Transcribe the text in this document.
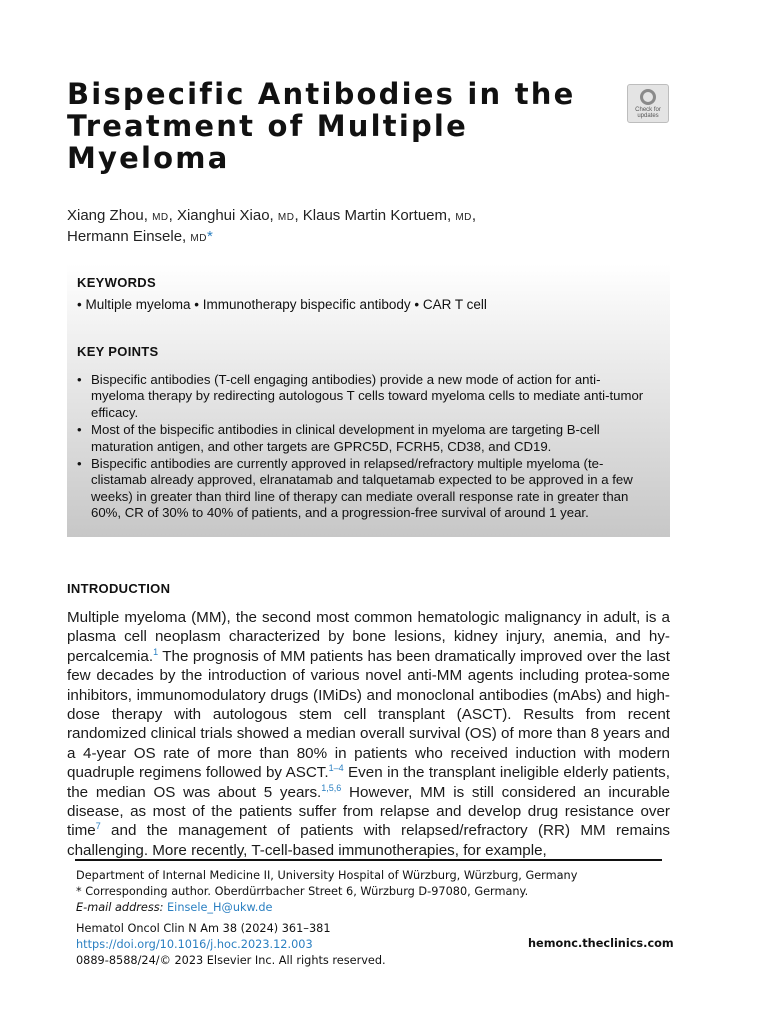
Bispecific Antibodies in the
Treatment of Multiple
Myeloma
Check for
updates
Xiang Zhou, MD, Xianghui Xiao, MD, Klaus Martin Kortuem, MD,
Hermann Einsele, MD*
KEYWORDS
• Multiple myeloma • Immunotherapy bispecific antibody • CAR T cell
KEY POINTS
• Bispecific antibodies (T-cell engaging antibodies) provide a new mode of action for anti-myeloma therapy by redirecting autologous T cells toward myeloma cells to mediate anti-tumor efficacy.
• Most of the bispecific antibodies in clinical development in myeloma are targeting B-cell maturation antigen, and other targets are GPRC5D, FCRH5, CD38, and CD19.
• Bispecific antibodies are currently approved in relapsed/refractory multiple myeloma (te-clistamab already approved, elranatamab and talquetamab expected to be approved in a few weeks) in greater than third line of therapy can mediate overall response rate in greater than 60%, CR of 30% to 40% of patients, and a progression-free survival of around 1 year.
INTRODUCTION

Multiple myeloma (MM), the second most common hematologic malignancy in adult, is a plasma cell neoplasm characterized by bone lesions, kidney injury, anemia, and hy-percalcemia.$^1$ The prognosis of MM patients has been dramatically improved over the last few decades by the introduction of various novel anti-MM agents including protea-some inhibitors, immunomodulatory drugs (IMiDs) and monoclonal antibodies (mAbs) and high-dose therapy with autologous stem cell transplant (ASCT). Results from recent randomized clinical trials showed a median overall survival (OS) of more than 8 years and a 4-year OS rate of more than 80% in patients who received induction with modern quadruple regimens followed by ASCT.$^{1-4}$ Even in the transplant ineligible elderly patients, the median OS was about 5 years.$^{1,5,6}$ However, MM is still considered an incurable disease, as most of the patients suffer from relapse and develop drug resistance over time$^7$ and the management of patients with relapsed/refractory (RR) MM remains challenging. More recently, T-cell-based immunotherapies, for example,

Department of Internal Medicine II, University Hospital of Würzburg, Würzburg, Germany
* Corresponding author. Oberdürrbacher Street 6, Würzburg D-97080, Germany.
E-mail address: Einsele_H@ukw.de
Hematol Oncol Clin N Am 38 (2024) 361–381
https://doi.org/10.1016/j.hoc.2023.12.003
0889-8588/24/© 2023 Elsevier Inc. All rights reserved.
hemonc.theclinics.com
